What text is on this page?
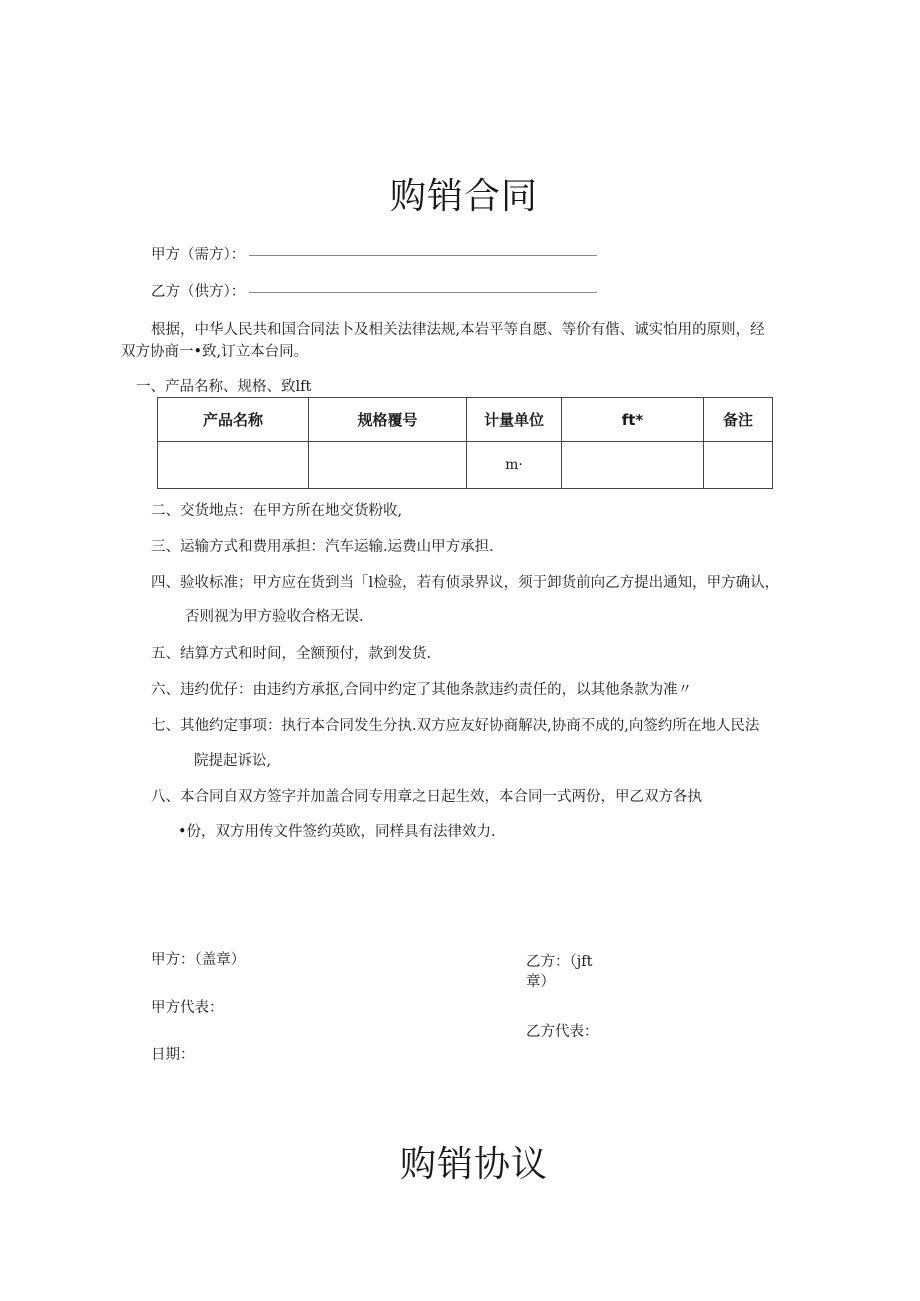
购销合同
甲方（需方）：
乙方（供方）：
根据，中华人民共和国合同法卜及相关法律法规,本岩平等自愿、等价有偕、诚实怕用的原则，经
双方协商一•致,订立本台同。
一、产品名称、规格、致lft
产品名称	规格覆号	计量单位	ft*	备注
		m·		
二、交货地点：在甲方所在地交货粉收,
三、运输方式和费用承担：汽车运输.运费山甲方承担.
四、验收标准；甲方应在货到当「l检验，若有侦录界议，须于卸货前向乙方提出通知，甲方确认，
否则视为甲方验收合格无误.
五、结算方式和时间，全额预付，款到发货.
六、违约优仔：由违约方承抠,合同中约定了其他条款违约责任的，以其他条款为准〃
七、其他约定事项：执行本合同发生分执.双方应友好协商解决,协商不成的,向签约所在地人民法
院提起诉讼,
八、本合同自双方签字并加盖合同专用章之日起生效，本合同一式两份，甲乙双方各执
•份，双方用传文件签约英欧，同样具有法律效力.
甲方：（盖章）
甲方代表：
日期：
乙方：（jft
章）
乙方代表：
购销协议
